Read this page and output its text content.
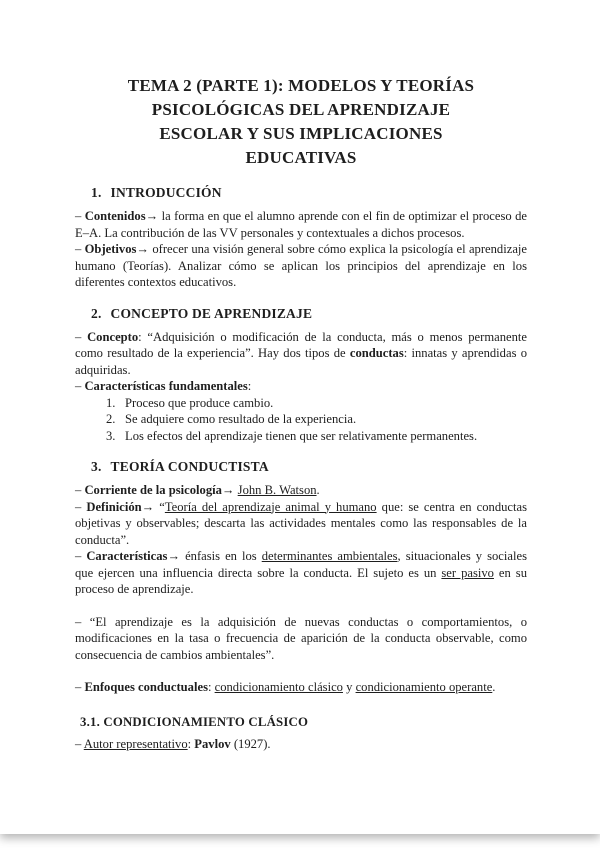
TEMA 2 (PARTE 1): MODELOS Y TEORÍAS
PSICOLÓGICAS DEL APRENDIZAJE
ESCOLAR Y SUS IMPLICACIONES
EDUCATIVAS
1. INTRODUCCIÓN

– Contenidos→ la forma en que el alumno aprende con el fin de optimizar el proceso de E–A. La contribución de las VV personales y contextuales a dichos procesos.

– Objetivos→ ofrecer una visión general sobre cómo explica la psicología el aprendizaje humano (Teorías). Analizar cómo se aplican los principios del aprendizaje en los diferentes contextos educativos.

2. CONCEPTO DE APRENDIZAJE

– Concepto: “Adquisición o modificación de la conducta, más o menos permanente como resultado de la experiencia”. Hay dos tipos de conductas: innatas y aprendidas o adquiridas.

– Características fundamentales:

1. Proceso que produce cambio.
2. Se adquiere como resultado de la experiencia.
3. Los efectos del aprendizaje tienen que ser relativamente permanentes.
3. TEORÍA CONDUCTISTA

– Corriente de la psicología→ John B. Watson.

– Definición→ “Teoría del aprendizaje animal y humano que: se centra en conductas objetivas y observables; descarta las actividades mentales como las responsables de la conducta”.

– Características→ énfasis en los determinantes ambientales, situacionales y sociales que ejercen una influencia directa sobre la conducta. El sujeto es un ser pasivo en su proceso de aprendizaje.

– “El aprendizaje es la adquisición de nuevas conductas o comportamientos, o modificaciones en la tasa o frecuencia de aparición de la conducta observable, como consecuencia de cambios ambientales”.

– Enfoques conductuales: condicionamiento clásico y condicionamiento operante.

3.1. CONDICIONAMIENTO CLÁSICO

– Autor representativo: Pavlov (1927).
